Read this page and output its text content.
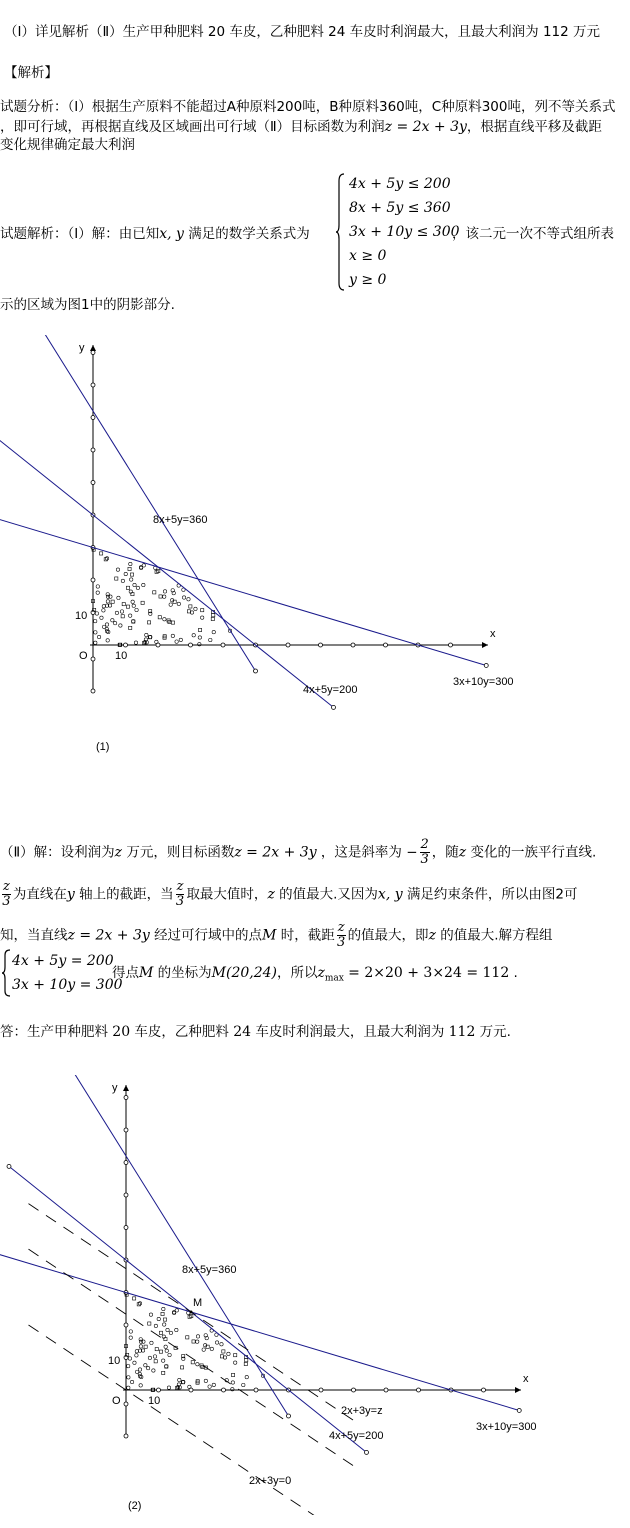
（Ⅰ）详见解析（Ⅱ）生产甲种肥料 20 车皮，乙种肥料 24 车皮时利润最大，且最大利润为 112 万元
【解析】
试题分析：（Ⅰ）根据生产原料不能超过A种原料200吨，B种原料360吨，C种原料300吨，列不等关系式
，即可行域，再根据直线及区域画出可行域（Ⅱ）目标函数为利润z = 2x + 3y，根据直线平移及截距
变化规律确定最大利润
试题解析：（Ⅰ）解：由已知x, y 满足的数学关系式为
4x + 5y ≤ 200
8x + 5y ≤ 360
3x + 10y ≤ 300
x ≥ 0
y ≥ 0
，该二元一次不等式组所表
示的区域为图1中的阴影部分.
y
x
O 10
10
8x+5y=360
4x+5y=200
3x+10y=300
(1)
（Ⅱ）解：设利润为z 万元，则目标函数z = 2x + 3y ，这是斜率为 − $\frac{2}{3}$ ，随z 变化的一族平行直线.
$\frac{z}{3}$ 为直线在y 轴上的截距，当 $\frac{z}{3}$ 取最大值时，z 的值最大.又因为x, y 满足约束条件，所以由图2可
知，当直线z = 2x + 3y 经过可行域中的点M 时，截距 $\frac{z}{3}$ 的值最大，即z 的值最大.解方程组
4x + 5y = 200
3x + 10y = 300
得点M 的坐标为M(20,24)，所以$z_{max} = 2\times 20 + 3\times 24 = 112$ .
答：生产甲种肥料 20 车皮，乙种肥料 24 车皮时利润最大，且最大利润为 112 万元.
y
x
O 10
10
8x+5y=360
4x+5y=200
3x+10y=300
(2)
M
2x+3y=z
2x+3y=0
